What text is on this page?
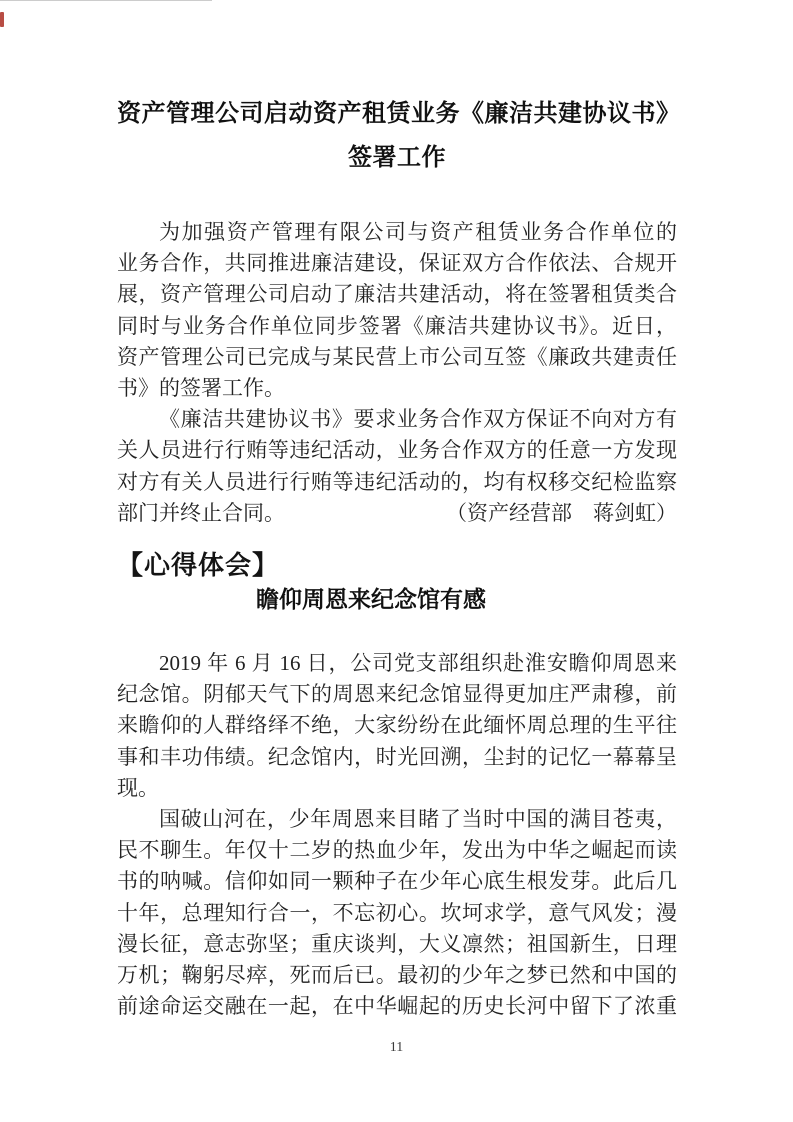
资产管理公司启动资产租赁业务《廉洁共建协议书》
签署工作
为加强资产管理有限公司与资产租赁业务合作单位的
业务合作，共同推进廉洁建设，保证双方合作依法、合规开
展，资产管理公司启动了廉洁共建活动，将在签署租赁类合
同时与业务合作单位同步签署《廉洁共建协议书》。近日，
资产管理公司已完成与某民营上市公司互签《廉政共建责任
书》的签署工作。
《廉洁共建协议书》要求业务合作双方保证不向对方有
关人员进行行贿等违纪活动，业务合作双方的任意一方发现
对方有关人员进行行贿等违纪活动的，均有权移交纪检监察
部门并终止合同。	（资产经营部　蒋剑虹）
【心得体会】
瞻仰周恩来纪念馆有感
2019 年 6 月 16 日，公司党支部组织赴淮安瞻仰周恩来
纪念馆。阴郁天气下的周恩来纪念馆显得更加庄严肃穆，前
来瞻仰的人群络绎不绝，大家纷纷在此缅怀周总理的生平往
事和丰功伟绩。纪念馆内，时光回溯，尘封的记忆一幕幕呈
现。
国破山河在，少年周恩来目睹了当时中国的满目苍夷，
民不聊生。年仅十二岁的热血少年，发出为中华之崛起而读
书的呐喊。信仰如同一颗种子在少年心底生根发芽。此后几
十年，总理知行合一，不忘初心。坎坷求学，意气风发；漫
漫长征，意志弥坚；重庆谈判，大义凛然；祖国新生，日理
万机；鞠躬尽瘁，死而后已。最初的少年之梦已然和中国的
前途命运交融在一起，在中华崛起的历史长河中留下了浓重
11
